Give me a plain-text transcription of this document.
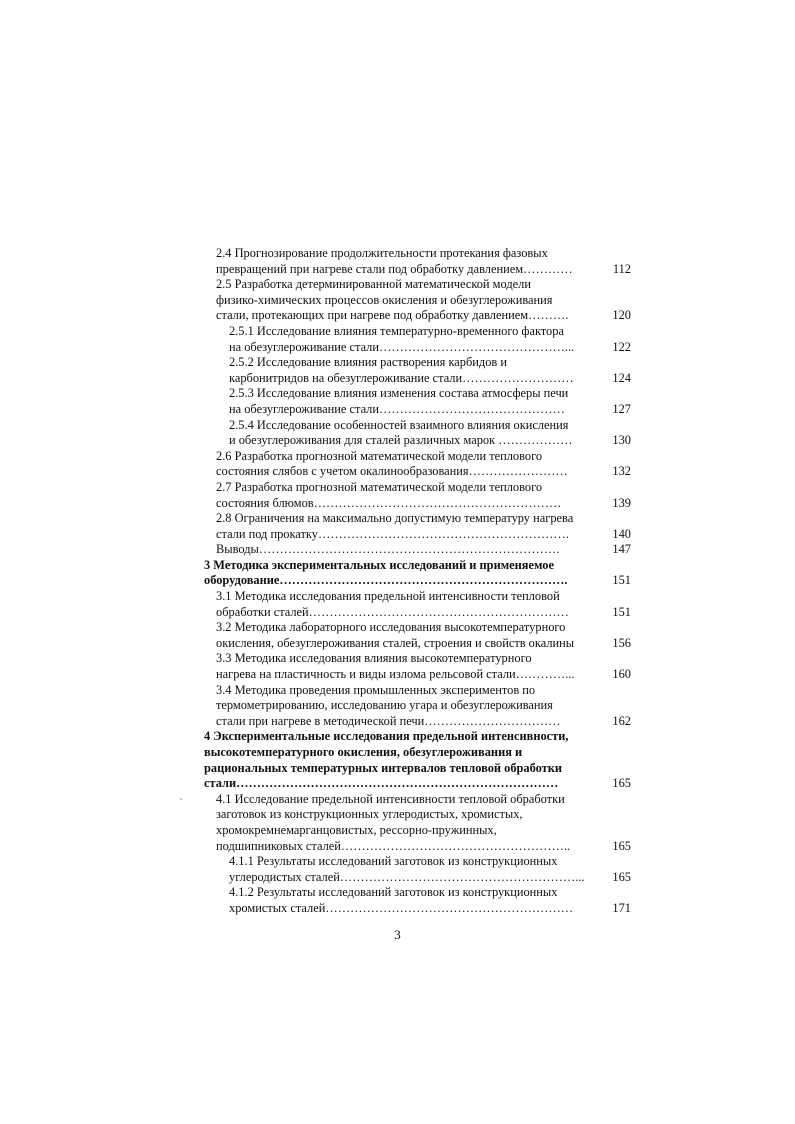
2.4 Прогнозирование продолжительности протекания фазовых
превращений при нагреве стали под обработку давлением…………	112
2.5 Разработка детерминированной математической модели
физико-химических процессов окисления и обезуглероживания
стали, протекающих при нагреве под обработку давлением……….	120
2.5.1 Исследование влияния температурно-временного фактора
на обезуглероживание стали………………………………………...	122
2.5.2 Исследование влияния растворения карбидов и
карбонитридов на обезуглероживание стали………………………	124
2.5.3 Исследование влияния изменения состава атмосферы печи
на обезуглероживание стали………………………………………	127
2.5.4 Исследование особенностей взаимного влияния окисления
и обезуглероживания для сталей различных марок ………………	130
2.6 Разработка прогнозной математической модели теплового
состояния слябов с учетом окалинообразования……………………	132
2.7 Разработка прогнозной математической модели теплового
состояния блюмов……………………………………………………	139
2.8 Ограничения на максимально допустимую температуру нагрева
стали под прокатку…………………………………………………….	140
Выводы……………………………………………………………….	147
3 Методика экспериментальных исследований и применяемое
оборудование…………………………………………………………….	151
3.1 Методика исследования предельной интенсивности тепловой
обработки сталей………………………………………………………	151
3.2 Методика лабораторного исследования высокотемпературного
окисления, обезуглероживания сталей, строения и свойств окалины	156
3.3 Методика исследования влияния высокотемпературного
нагрева на пластичность и виды излома рельсовой стали…………...	160
3.4 Методика проведения промышленных экспериментов по
термометрированию, исследованию угара и обезуглероживания
стали при нагреве в методической печи……………………………	162
4 Экспериментальные исследования предельной интенсивности,
высокотемпературного окисления, обезуглероживания и
рациональных температурных интервалов тепловой обработки
стали……………………………………………………………………	165
4.1 Исследование предельной интенсивности тепловой обработки
заготовок из конструкционных углеродистых, хромистых,
хромокремнемарганцовистых, рессорно-пружинных,
подшипниковых сталей………………………………………………..	165
4.1.1 Результаты исследований заготовок из конструкционных
углеродистых сталей…………………………………………………... 165
4.1.2 Результаты исследований заготовок из конструкционных
хромистых сталей……………………………………………………	171
3
ˏ
